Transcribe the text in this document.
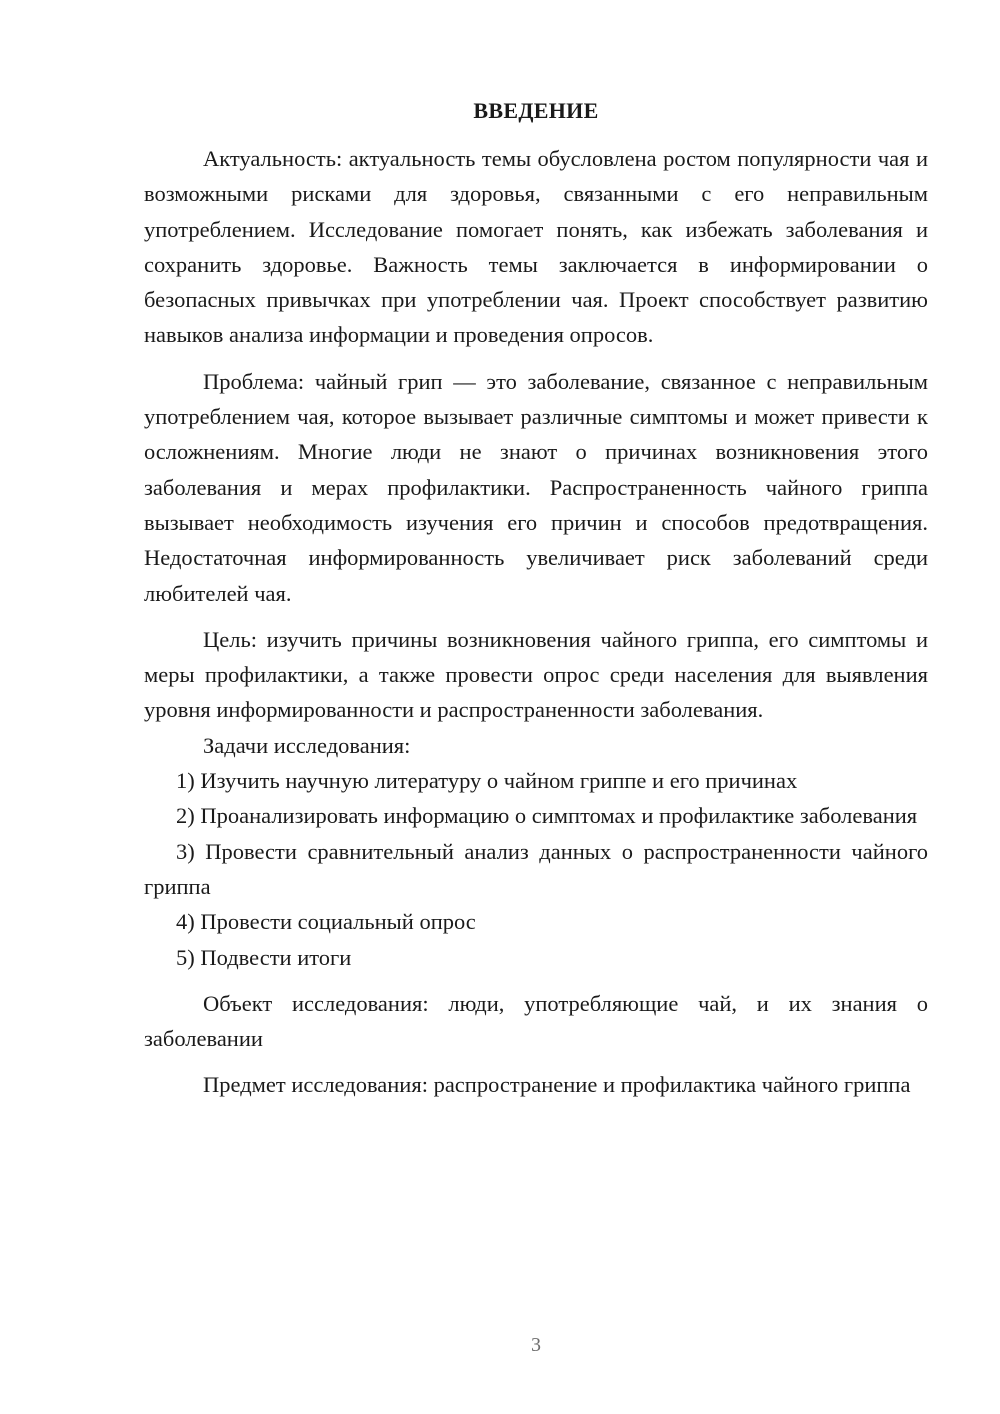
ВВЕДЕНИЕ

Актуальность: актуальность темы обусловлена ростом популярности чая и возможными рисками для здоровья, связанными с его неправильным употреблением. Исследование помогает понять, как избежать заболевания и сохранить здоровье. Важность темы заключается в информировании о безопасных привычках при употреблении чая. Проект способствует развитию навыков анализа информации и проведения опросов.

Проблема: чайный грип — это заболевание, связанное с неправильным употреблением чая, которое вызывает различные симптомы и может привести к осложнениям. Многие люди не знают о причинах возникновения этого заболевания и мерах профилактики. Распространенность чайного гриппа вызывает необходимость изучения его причин и способов предотвращения. Недостаточная информированность увеличивает риск заболеваний среди любителей чая.

Цель: изучить причины возникновения чайного гриппа, его симптомы и меры профилактики, а также провести опрос среди населения для выявления уровня информированности и распространенности заболевания.

Задачи исследования:

1) Изучить научную литературу о чайном гриппе и его причинах

2) Проанализировать информацию о симптомах и профилактике заболевания

3) Провести сравнительный анализ данных о распространенности чайного гриппа

4) Провести социальный опрос

5) Подвести итоги

Объект исследования: люди, употребляющие чай, и их знания о заболевании

Предмет исследования: распространение и профилактика чайного гриппа

3
